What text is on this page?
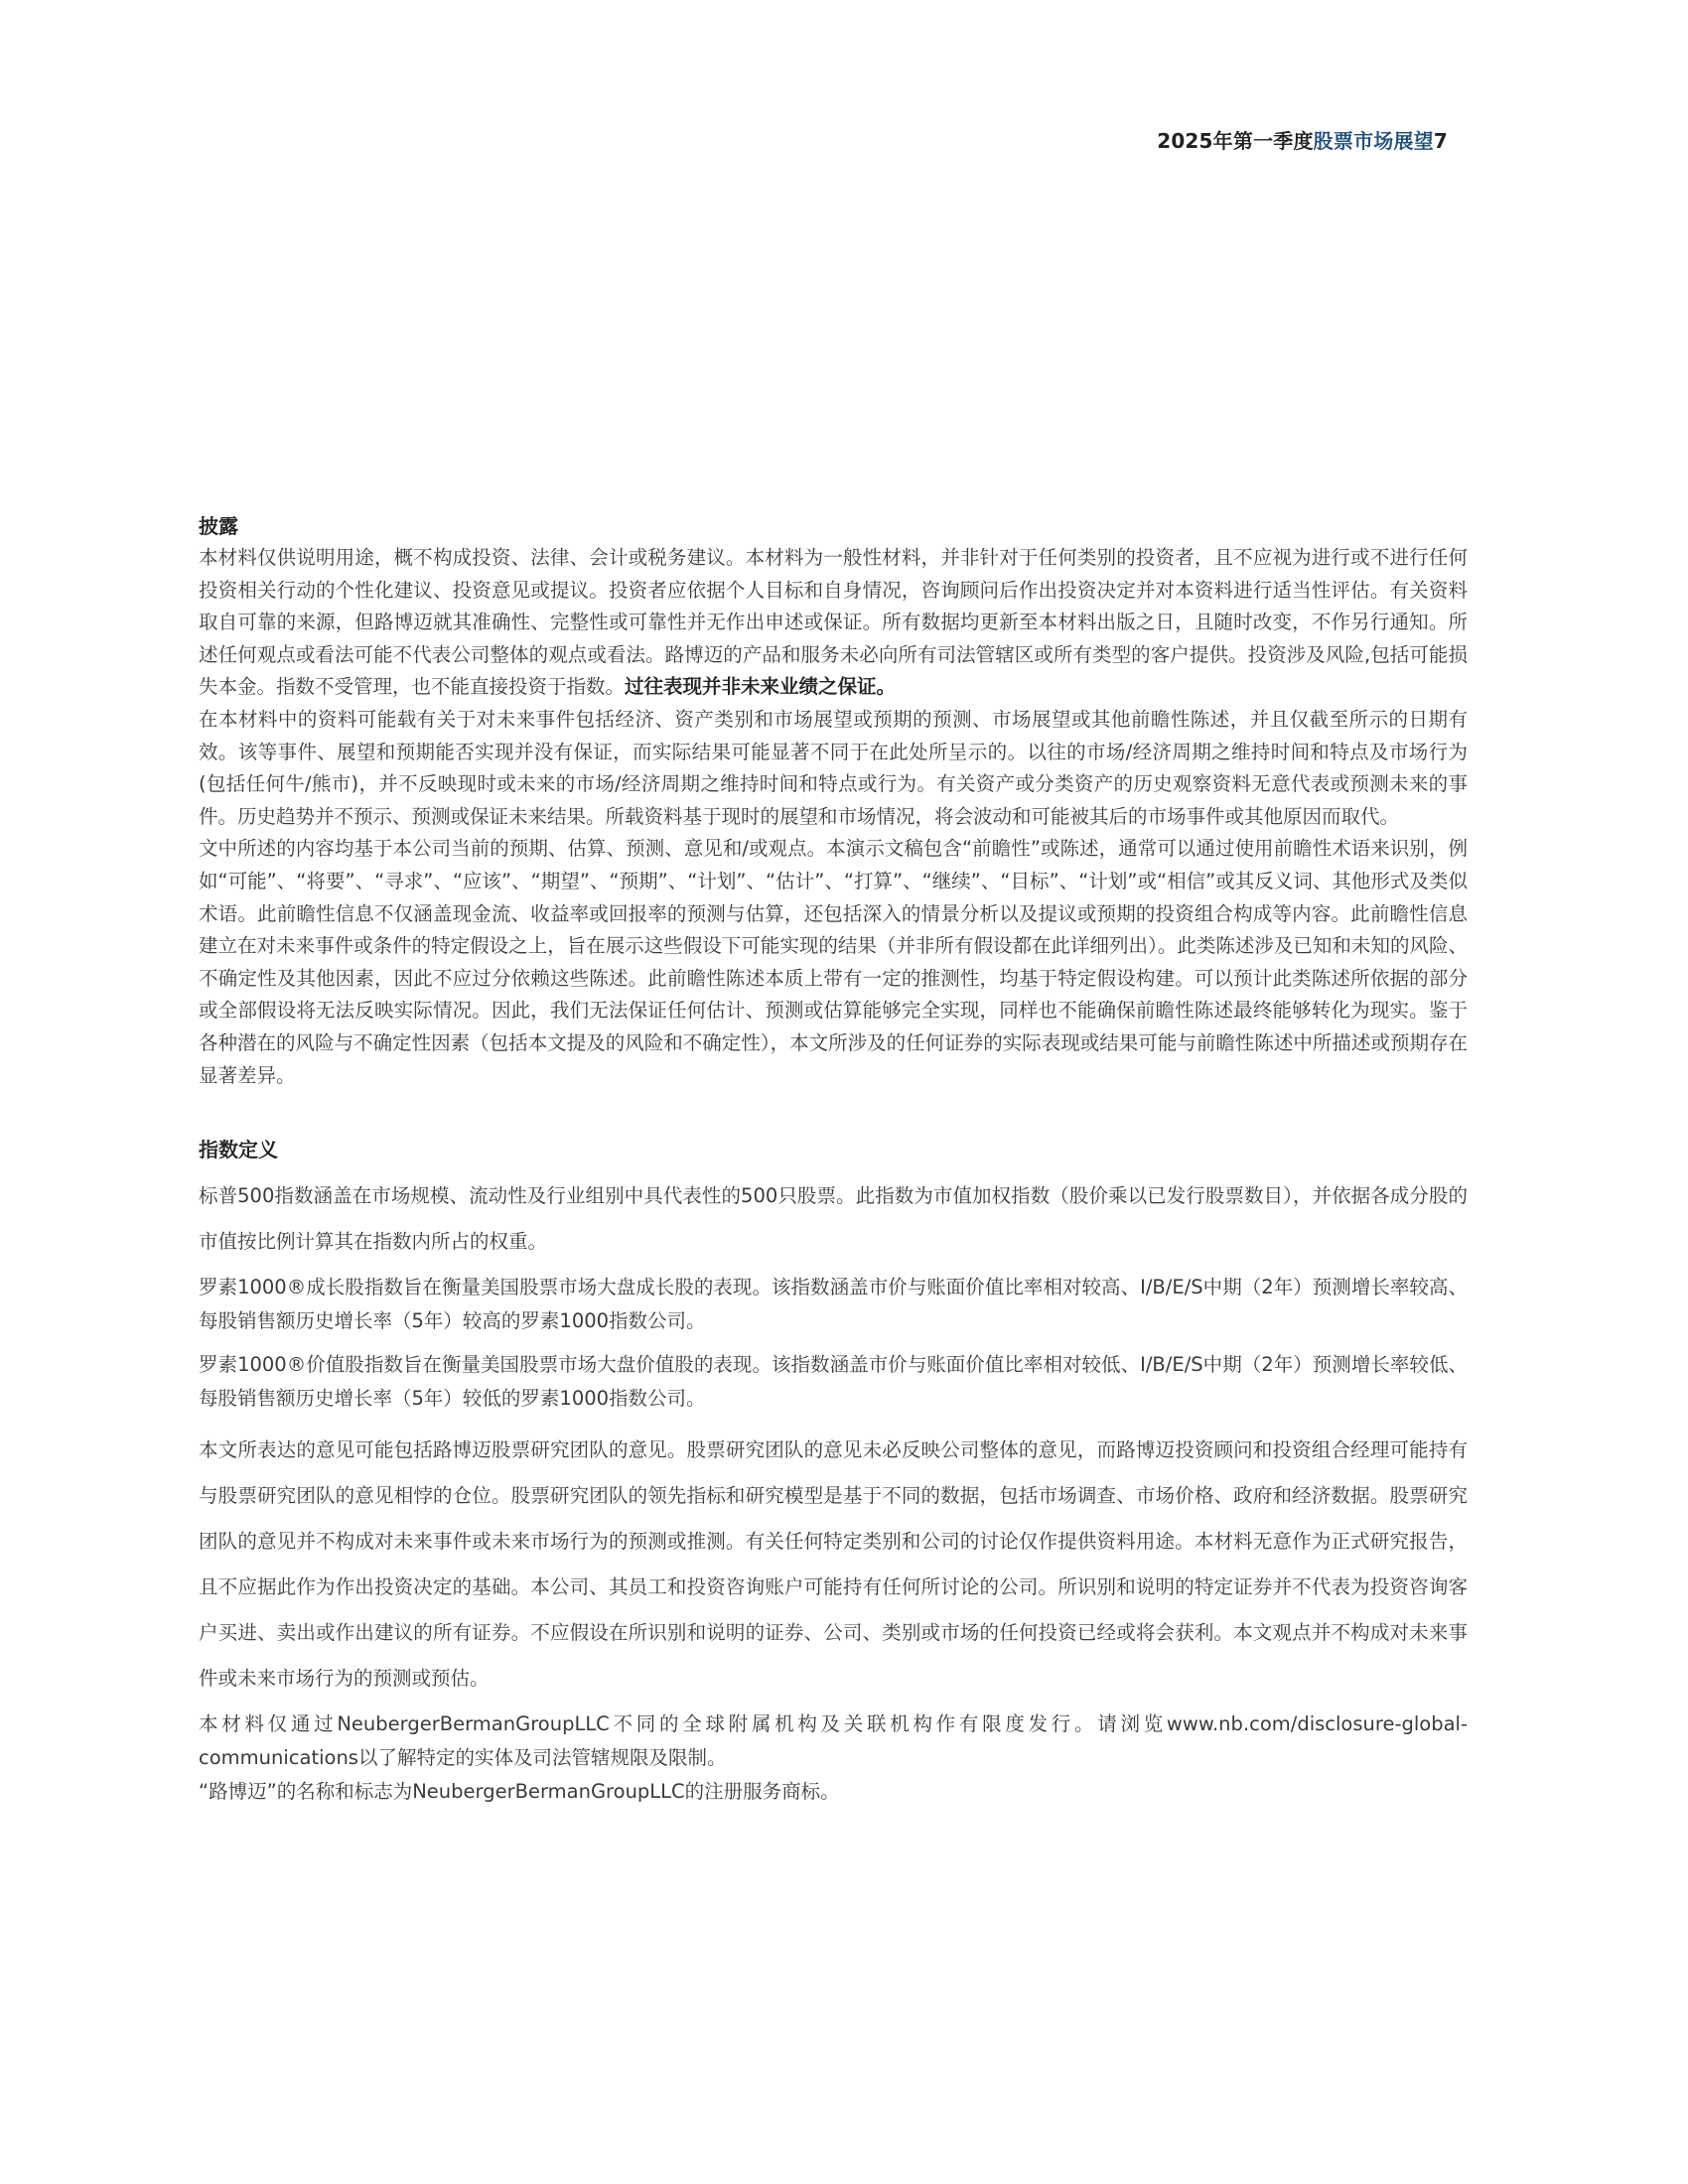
2025年第一季度股票市场展望7
披露

本材料仅供说明用途，概不构成投资、法律、会计或税务建议。本材料为一般性材料，并非针对于任何类别的投资者，且不应视为进行或不进行任何投资相关行动的个性化建议、投资意见或提议。投资者应依据个人目标和自身情况，咨询顾问后作出投资决定并对本资料进行适当性评估。有关资料取自可靠的来源，但路博迈就其准确性、完整性或可靠性并无作出申述或保证。所有数据均更新至本材料出版之日，且随时改变，不作另行通知。所述任何观点或看法可能不代表公司整体的观点或看法。路博迈的产品和服务未必向所有司法管辖区或所有类型的客户提供。投资涉及风险,包括可能损失本金。指数不受管理，也不能直接投资于指数。过往表现并非未来业绩之保证。

在本材料中的资料可能载有关于对未来事件包括经济、资产类别和市场展望或预期的预测、市场展望或其他前瞻性陈述，并且仅截至所示的日期有效。该等事件、展望和预期能否实现并没有保证，而实际结果可能显著不同于在此处所呈示的。以往的市场/经济周期之维持时间和特点及市场行为(包括任何牛/熊市)，并不反映现时或未来的市场/经济周期之维持时间和特点或行为。有关资产或分类资产的历史观察资料无意代表或预测未来的事件。历史趋势并不预示、预测或保证未来结果。所载资料基于现时的展望和市场情况，将会波动和可能被其后的市场事件或其他原因而取代。

文中所述的内容均基于本公司当前的预期、估算、预测、意见和/或观点。本演示文稿包含“前瞻性”或陈述，通常可以通过使用前瞻性术语来识别，例如“可能”、“将要”、“寻求”、“应该”、“期望”、“预期”、“计划”、“估计”、“打算”、“继续”、“目标”、“计划”或“相信”或其反义词、其他形式及类似术语。此前瞻性信息不仅涵盖现金流、收益率或回报率的预测与估算，还包括深入的情景分析以及提议或预期的投资组合构成等内容。此前瞻性信息建立在对未来事件或条件的特定假设之上，旨在展示这些假设下可能实现的结果（并非所有假设都在此详细列出）。此类陈述涉及已知和未知的风险、不确定性及其他因素，因此不应过分依赖这些陈述。此前瞻性陈述本质上带有一定的推测性，均基于特定假设构建。可以预计此类陈述所依据的部分或全部假设将无法反映实际情况。因此，我们无法保证任何估计、预测或估算能够完全实现，同样也不能确保前瞻性陈述最终能够转化为现实。鉴于各种潜在的风险与不确定性因素（包括本文提及的风险和不确定性），本文所涉及的任何证券的实际表现或结果可能与前瞻性陈述中所描述或预期存在显著差异。

指数定义

标普500指数涵盖在市场规模、流动性及行业组别中具代表性的500只股票。此指数为市值加权指数（股价乘以已发行股票数目），并依据各成分股的市值按比例计算其在指数内所占的权重。

罗素1000®成长股指数旨在衡量美国股票市场大盘成长股的表现。该指数涵盖市价与账面价值比率相对较高、I/B/E/S中期（2年）预测增长率较高、每股销售额历史增长率（5年）较高的罗素1000指数公司。

罗素1000®价值股指数旨在衡量美国股票市场大盘价值股的表现。该指数涵盖市价与账面价值比率相对较低、I/B/E/S中期（2年）预测增长率较低、每股销售额历史增长率（5年）较低的罗素1000指数公司。

本文所表达的意见可能包括路博迈股票研究团队的意见。股票研究团队的意见未必反映公司整体的意见，而路博迈投资顾问和投资组合经理可能持有与股票研究团队的意见相悖的仓位。股票研究团队的领先指标和研究模型是基于不同的数据，包括市场调查、市场价格、政府和经济数据。股票研究团队的意见并不构成对未来事件或未来市场行为的预测或推测。有关任何特定类别和公司的讨论仅作提供资料用途。本材料无意作为正式研究报告，且不应据此作为作出投资决定的基础。本公司、其员工和投资咨询账户可能持有任何所讨论的公司。所识别和说明的特定证券并不代表为投资咨询客户买进、卖出或作出建议的所有证券。不应假设在所识别和说明的证券、公司、类别或市场的任何投资已经或将会获利。本文观点并不构成对未来事件或未来市场行为的预测或预估。

本材料仅通过NeubergerBermanGroupLLC不同的全球附属机构及关联机构作有限度发行。请浏览www.nb.com/disclosure-global-communications以了解特定的实体及司法管辖规限及限制。

“路博迈”的名称和标志为NeubergerBermanGroupLLC的注册服务商标。
